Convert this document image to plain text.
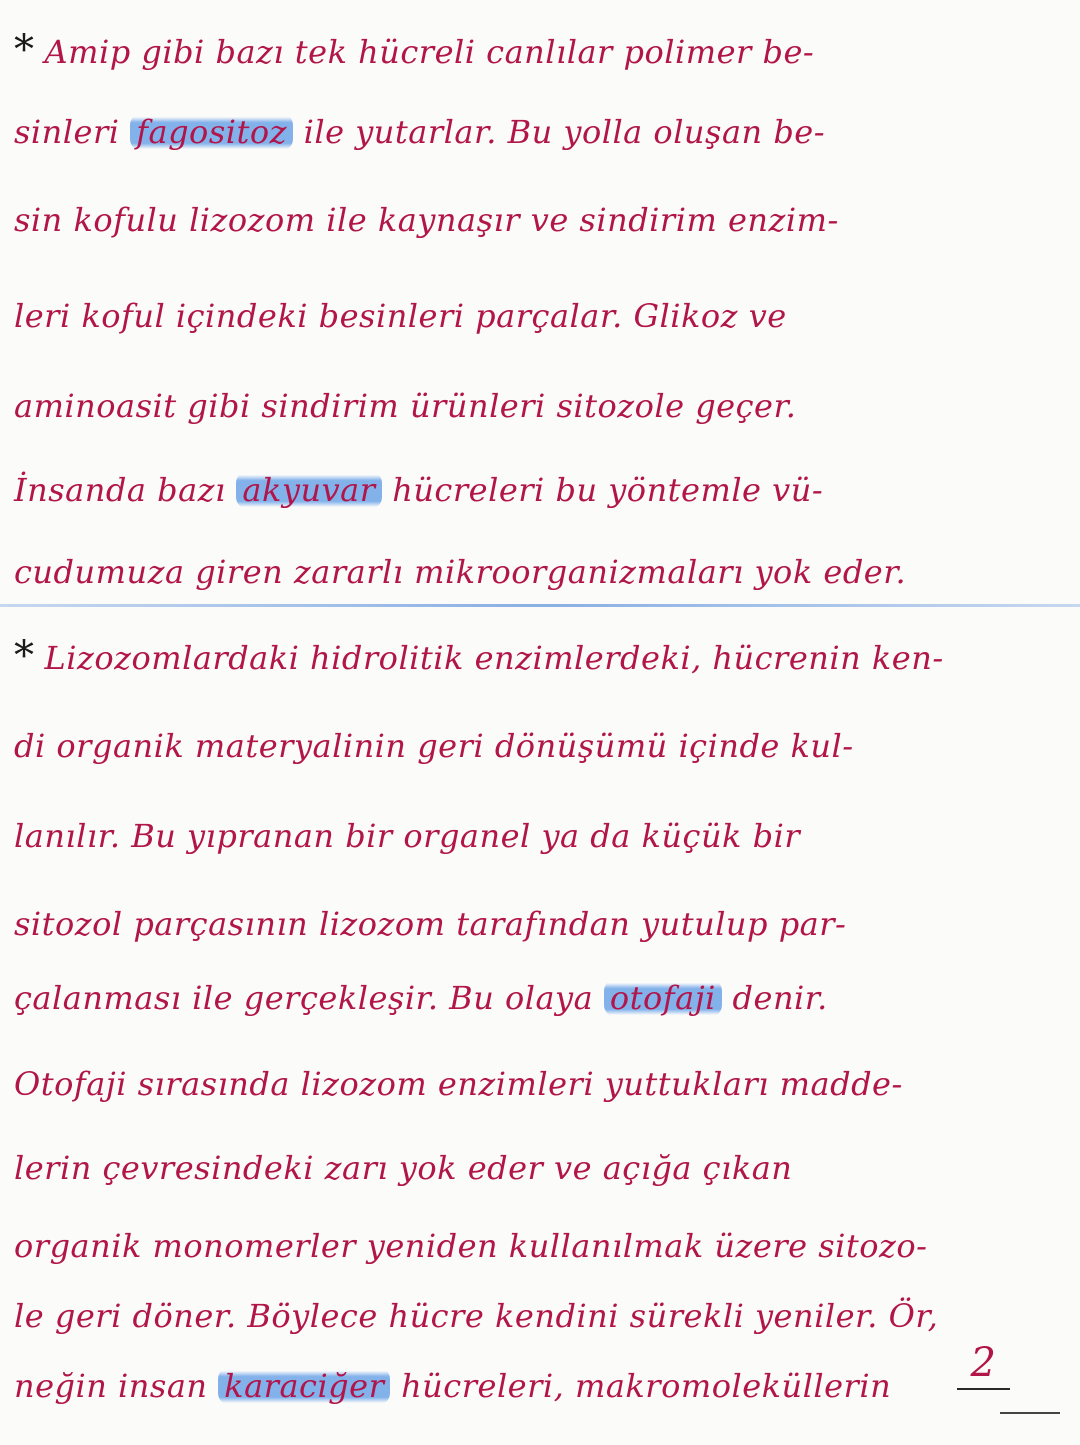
* Amip gibi bazı tek hücreli canlılar polimer be-
sinleri fagositoz ile yutarlar. Bu yolla oluşan be-
sin kofulu lizozom ile kaynaşır ve sindirim enzim-
leri koful içindeki besinleri parçalar. Glikoz ve
aminoasit gibi sindirim ürünleri sitozole geçer.
İnsanda bazı akyuvar hücreleri bu yöntemle vü-
cudumuza giren zararlı mikroorganizmaları yok eder.
* Lizozomlardaki hidrolitik enzimlerdeki, hücrenin ken-
di organik materyalinin geri dönüşümü içinde kul-
lanılır. Bu yıpranan bir organel ya da küçük bir
sitozol parçasının lizozom tarafından yutulup par-
çalanması ile gerçekleşir. Bu olaya otofaji denir.
Otofaji sırasında lizozom enzimleri yuttukları madde-
lerin çevresindeki zarı yok eder ve açığa çıkan
organik monomerler yeniden kullanılmak üzere sitozo-
le geri döner. Böylece hücre kendini sürekli yeniler. Ör,
neğin insan karaciğer hücreleri, makromoleküllerin	2
